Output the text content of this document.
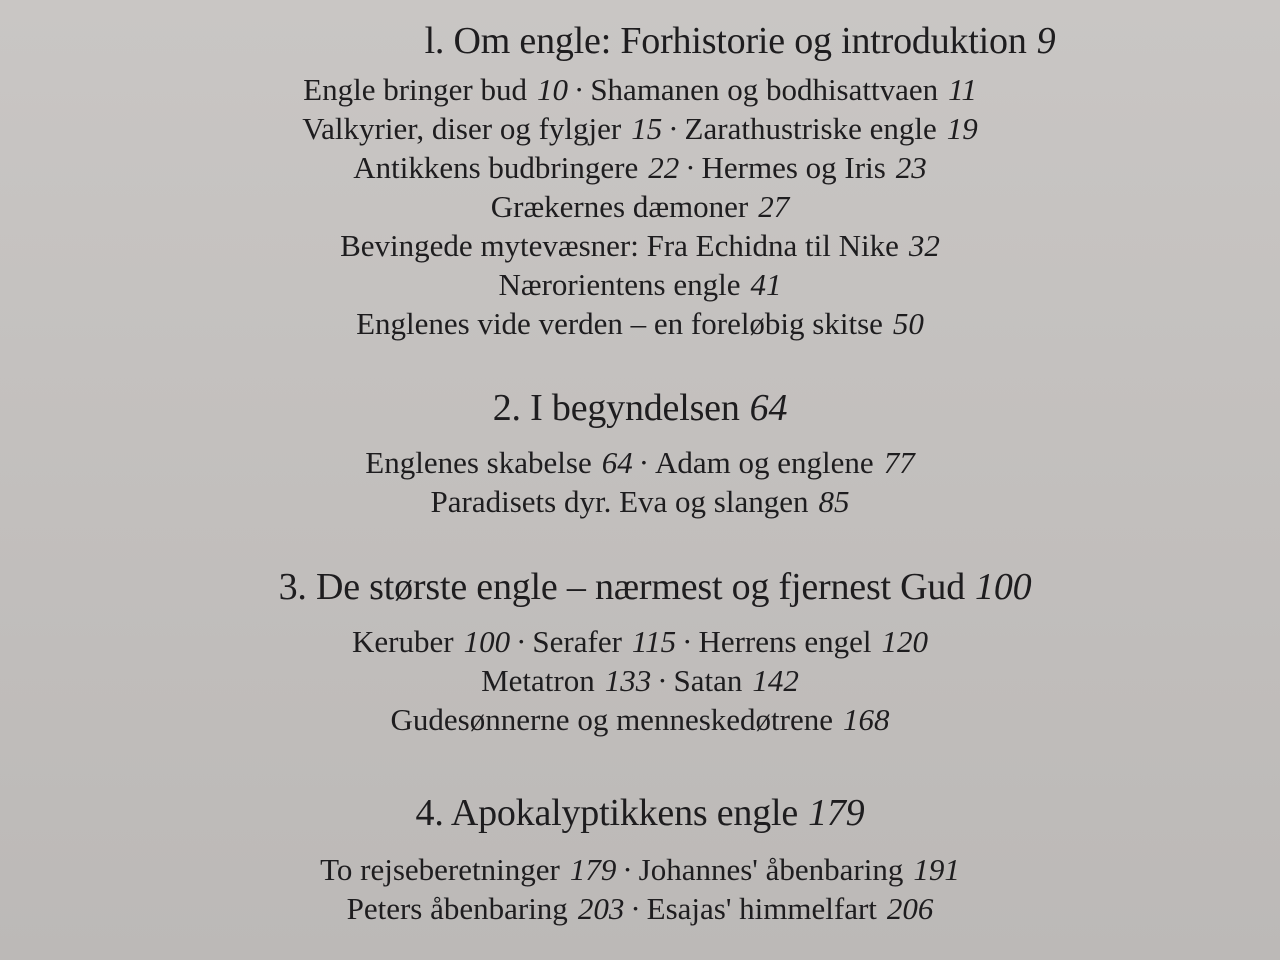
l. Om engle: Forhistorie og introduktion 9
Engle bringer bud 10 · Shamanen og bodhisattvaen 11
Valkyrier, diser og fylgjer 15 · Zarathustriske engle 19
Antikkens budbringere 22 · Hermes og Iris 23
Grækernes dæmoner 27
Bevingede mytevæsner: Fra Echidna til Nike 32
Nærorientens engle 41
Englenes vide verden – en foreløbig skitse 50
2. I begyndelsen 64
Englenes skabelse 64 · Adam og englene 77
Paradisets dyr. Eva og slangen 85
3. De største engle – nærmest og fjernest Gud 100
Keruber 100 · Serafer 115 · Herrens engel 120
Metatron 133 · Satan 142
Gudesønnerne og menneskedøtrene 168
4. Apokalyptikkens engle 179
To rejseberetninger 179 · Johannes' åbenbaring 191
Peters åbenbaring 203 · Esajas' himmelfart 206
